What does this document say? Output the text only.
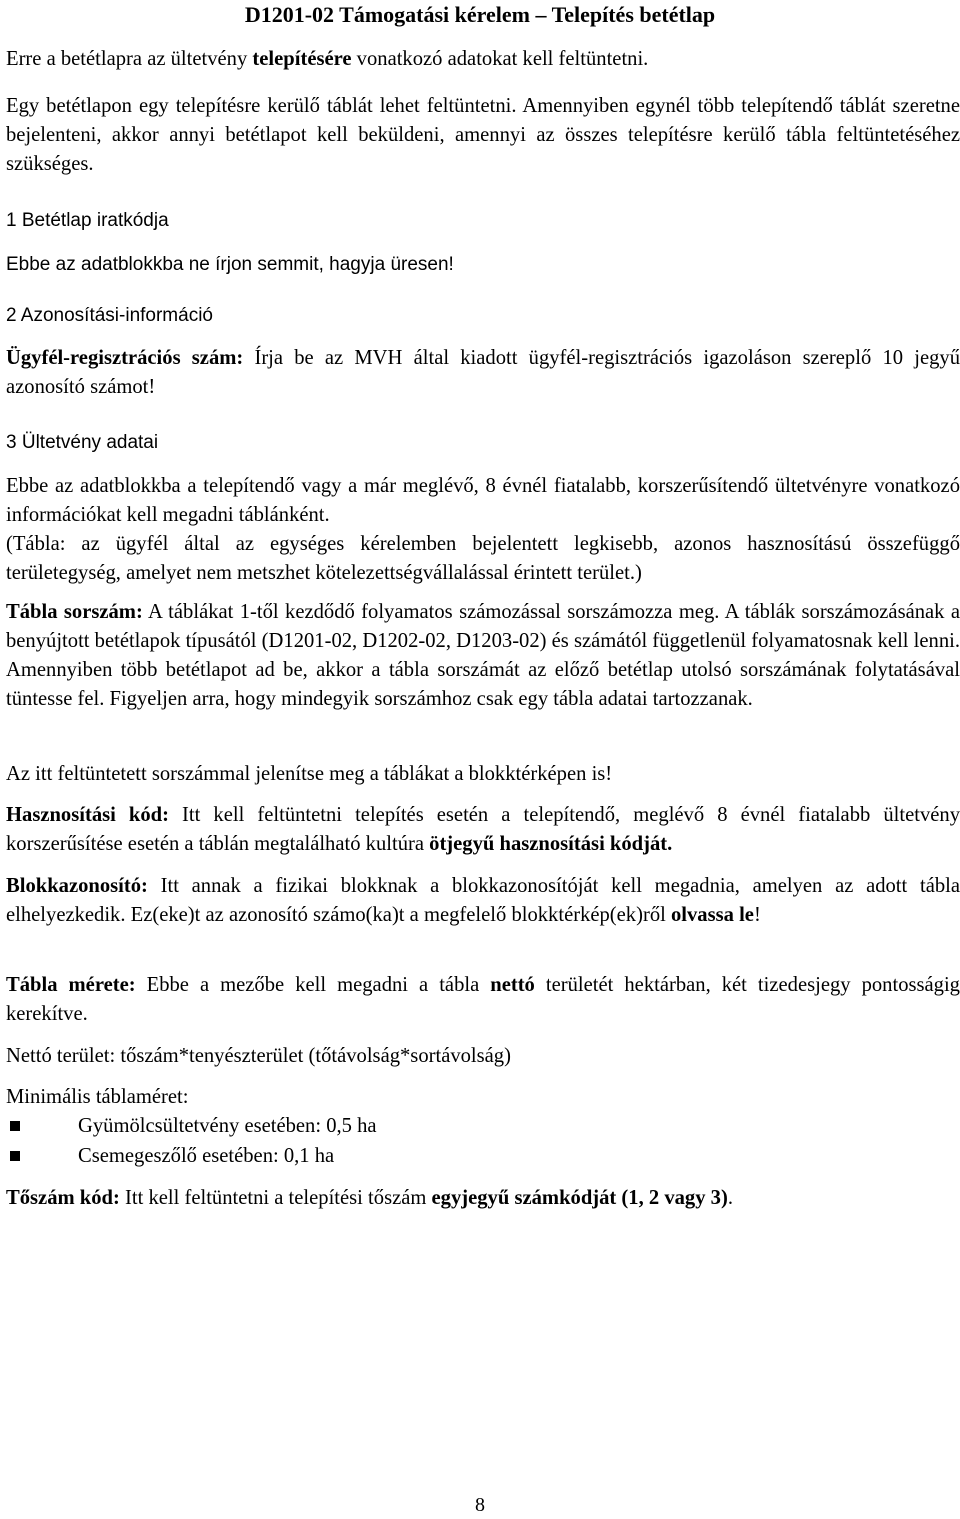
D1201-02 Támogatási kérelem – Telepítés betétlap

Erre a betétlapra az ültetvény telepítésére vonatkozó adatokat kell feltüntetni.

Egy betétlapon egy telepítésre kerülő táblát lehet feltüntetni. Amennyiben egynél több telepítendő táblát szeretne bejelenteni, akkor annyi betétlapot kell beküldeni, amennyi az összes telepítésre kerülő tábla feltüntetéséhez szükséges.

1 Betétlap iratkódja

Ebbe az adatblokkba ne írjon semmit, hagyja üresen!

2 Azonosítási-információ

Ügyfél-regisztrációs szám: Írja be az MVH által kiadott ügyfél-regisztrációs igazoláson szereplő 10 jegyű azonosító számot!

3 Ültetvény adatai

Ebbe az adatblokkba a telepítendő vagy a már meglévő, 8 évnél fiatalabb, korszerűsítendő ültetvényre vonatkozó információkat kell megadni táblánként.

(Tábla: az ügyfél által az egységes kérelemben bejelentett legkisebb, azonos hasznosítású összefüggő területegység, amelyet nem metszhet kötelezettségvállalással érintett terület.)

Tábla sorszám: A táblákat 1-től kezdődő folyamatos számozással sorszámozza meg. A táblák sorszámozásának a benyújtott betétlapok típusától (D1201-02, D1202-02, D1203-02) és számától függetlenül folyamatosnak kell lenni. Amennyiben több betétlapot ad be, akkor a tábla sorszámát az előző betétlap utolsó sorszámának folytatásával tüntesse fel. Figyeljen arra, hogy mindegyik sorszámhoz csak egy tábla adatai tartozzanak.

Az itt feltüntetett sorszámmal jelenítse meg a táblákat a blokktérképen is!

Hasznosítási kód: Itt kell feltüntetni telepítés esetén a telepítendő, meglévő 8 évnél fiatalabb ültetvény korszerűsítése esetén a táblán megtalálható kultúra ötjegyű hasznosítási kódját.

Blokkazonosító: Itt annak a fizikai blokknak a blokkazonosítóját kell megadnia, amelyen az adott tábla elhelyezkedik. Ez(eke)t az azonosító számo(ka)t a megfelelő blokktérkép(ek)ről olvassa le!

Tábla mérete: Ebbe a mezőbe kell megadni a tábla nettó területét hektárban, két tizedesjegy pontosságig kerekítve.

Nettó terület: tőszám*tenyészterület (tőtávolság*sortávolság)

Minimális táblaméret:

Gyümölcsültetvény esetében: 0,5 ha
Csemegeszőlő esetében: 0,1 ha

Tőszám kód: Itt kell feltüntetni a telepítési tőszám egyjegyű számkódját (1, 2 vagy 3).

8
